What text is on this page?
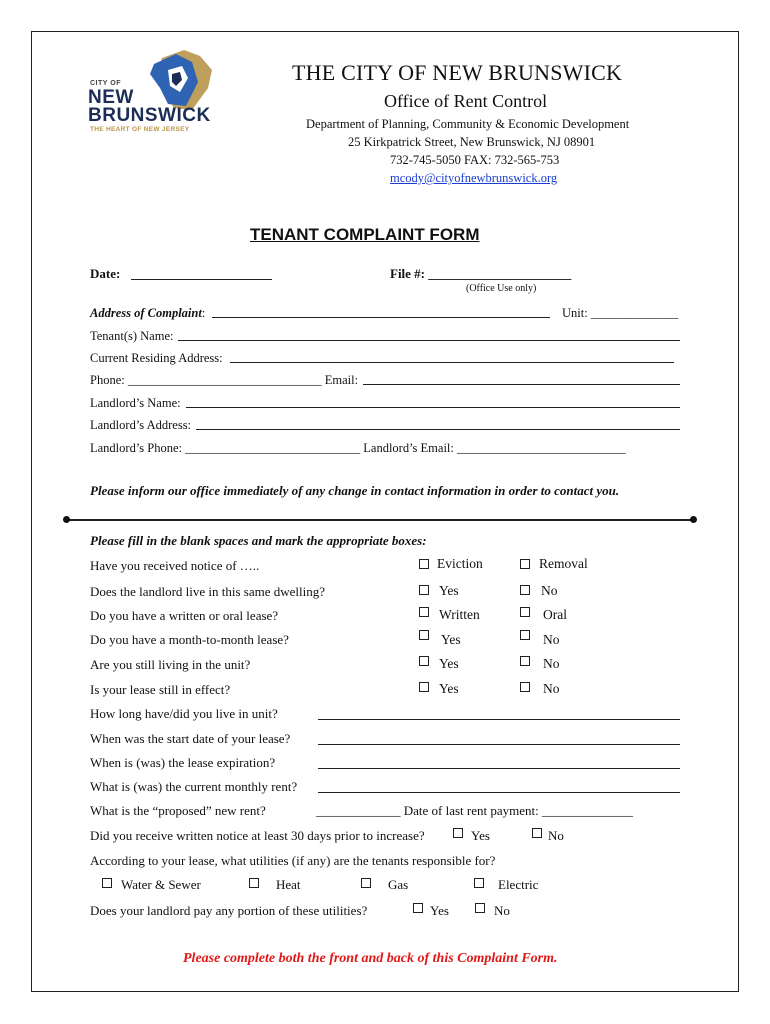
CITY OF
NEW
BRUNSWICK
THE HEART OF NEW JERSEY
THE CITY OF NEW BRUNSWICK
Office of Rent Control
Department of Planning, Community & Economic Development
25 Kirkpatrick Street, New Brunswick, NJ 08901
732-745-5050 FAX: 732-565-753
mcody@cityofnewbrunswick.org
TENANT COMPLAINT FORM
Date:	File #: ______________________
(Office Use only)
Address of Complaint:	Unit: ______________
Tenant(s) Name:
Current Residing Address:
Phone: _______________________________ Email:
Landlord’s Name:
Landlord’s Address:
Landlord’s Phone: ____________________________ Landlord’s Email: ___________________________
Please inform our office immediately of any change in contact information in order to contact you.
Please fill in the blank spaces and mark the appropriate boxes:
Have you received notice of …..	Eviction	Removal
Does the landlord live in this same dwelling?	Yes	No
Do you have a written or oral lease?	Written	Oral
Do you have a month-to-month lease?	Yes	No
Are you still living in the unit?	Yes	No
Is your lease still in effect?	Yes	No
How long have/did you live in unit?
When was the start date of your lease?
When is (was) the lease expiration?
What is (was) the current monthly rent?
What is the “proposed” new rent?	_____________ Date of last rent payment: ______________
Did you receive written notice at least 30 days prior to increase?	Yes	No
According to your lease, what utilities (if any) are the tenants responsible for?
Water & Sewer	Heat	Gas	Electric
Does your landlord pay any portion of these utilities?	Yes	No
Please complete both the front and back of this Complaint Form.
